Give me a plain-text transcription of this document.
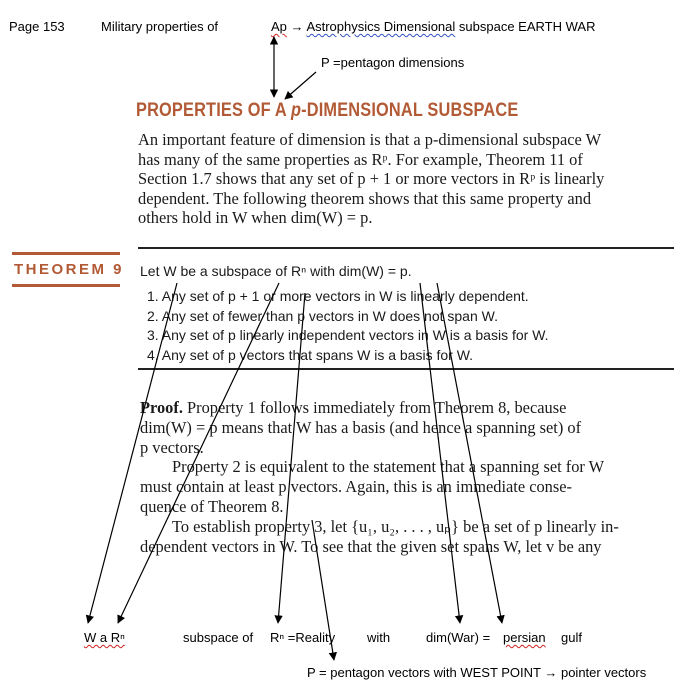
Page 153	Military properties of	Ap → Astrophysics Dimensional subspace EARTH WAR
P =pentagon dimensions
PROPERTIES OF A p-DIMENSIONAL SUBSPACE
An important feature of dimension is that a p-dimensional subspace W
has many of the same properties as Rᵖ. For example, Theorem 11 of
Section 1.7 shows that any set of p + 1 or more vectors in Rᵖ is linearly
dependent. The following theorem shows that this same property and
others hold in W when dim(W) = p.
THEOREM 9 Let W be a subspace of Rⁿ with dim(W) = p.
1. Any set of p + 1 or more vectors in W is linearly dependent.
2. Any set of fewer than p vectors in W does not span W.
3. Any set of p linearly independent vectors in W is a basis for W.
4. Any set of p vectors that spans W is a basis for W.
Proof. Property 1 follows immediately from Theorem 8, because
dim(W) = p means that W has a basis (and hence a spanning set) of
p vectors.
Property 2 is equivalent to the statement that a spanning set for W
must contain at least p vectors. Again, this is an immediate conse-
quence of Theorem 8.
To establish property 3, let {u₁, u₂, . . . , uₚ} be a set of p linearly in-
dependent vectors in W. To see that the given set spans W, let v be any
W a Rⁿ	subspace of Rⁿ =Reality with	dim(War) = persian gulf
P = pentagon vectors with WEST POINT → pointer vectors
